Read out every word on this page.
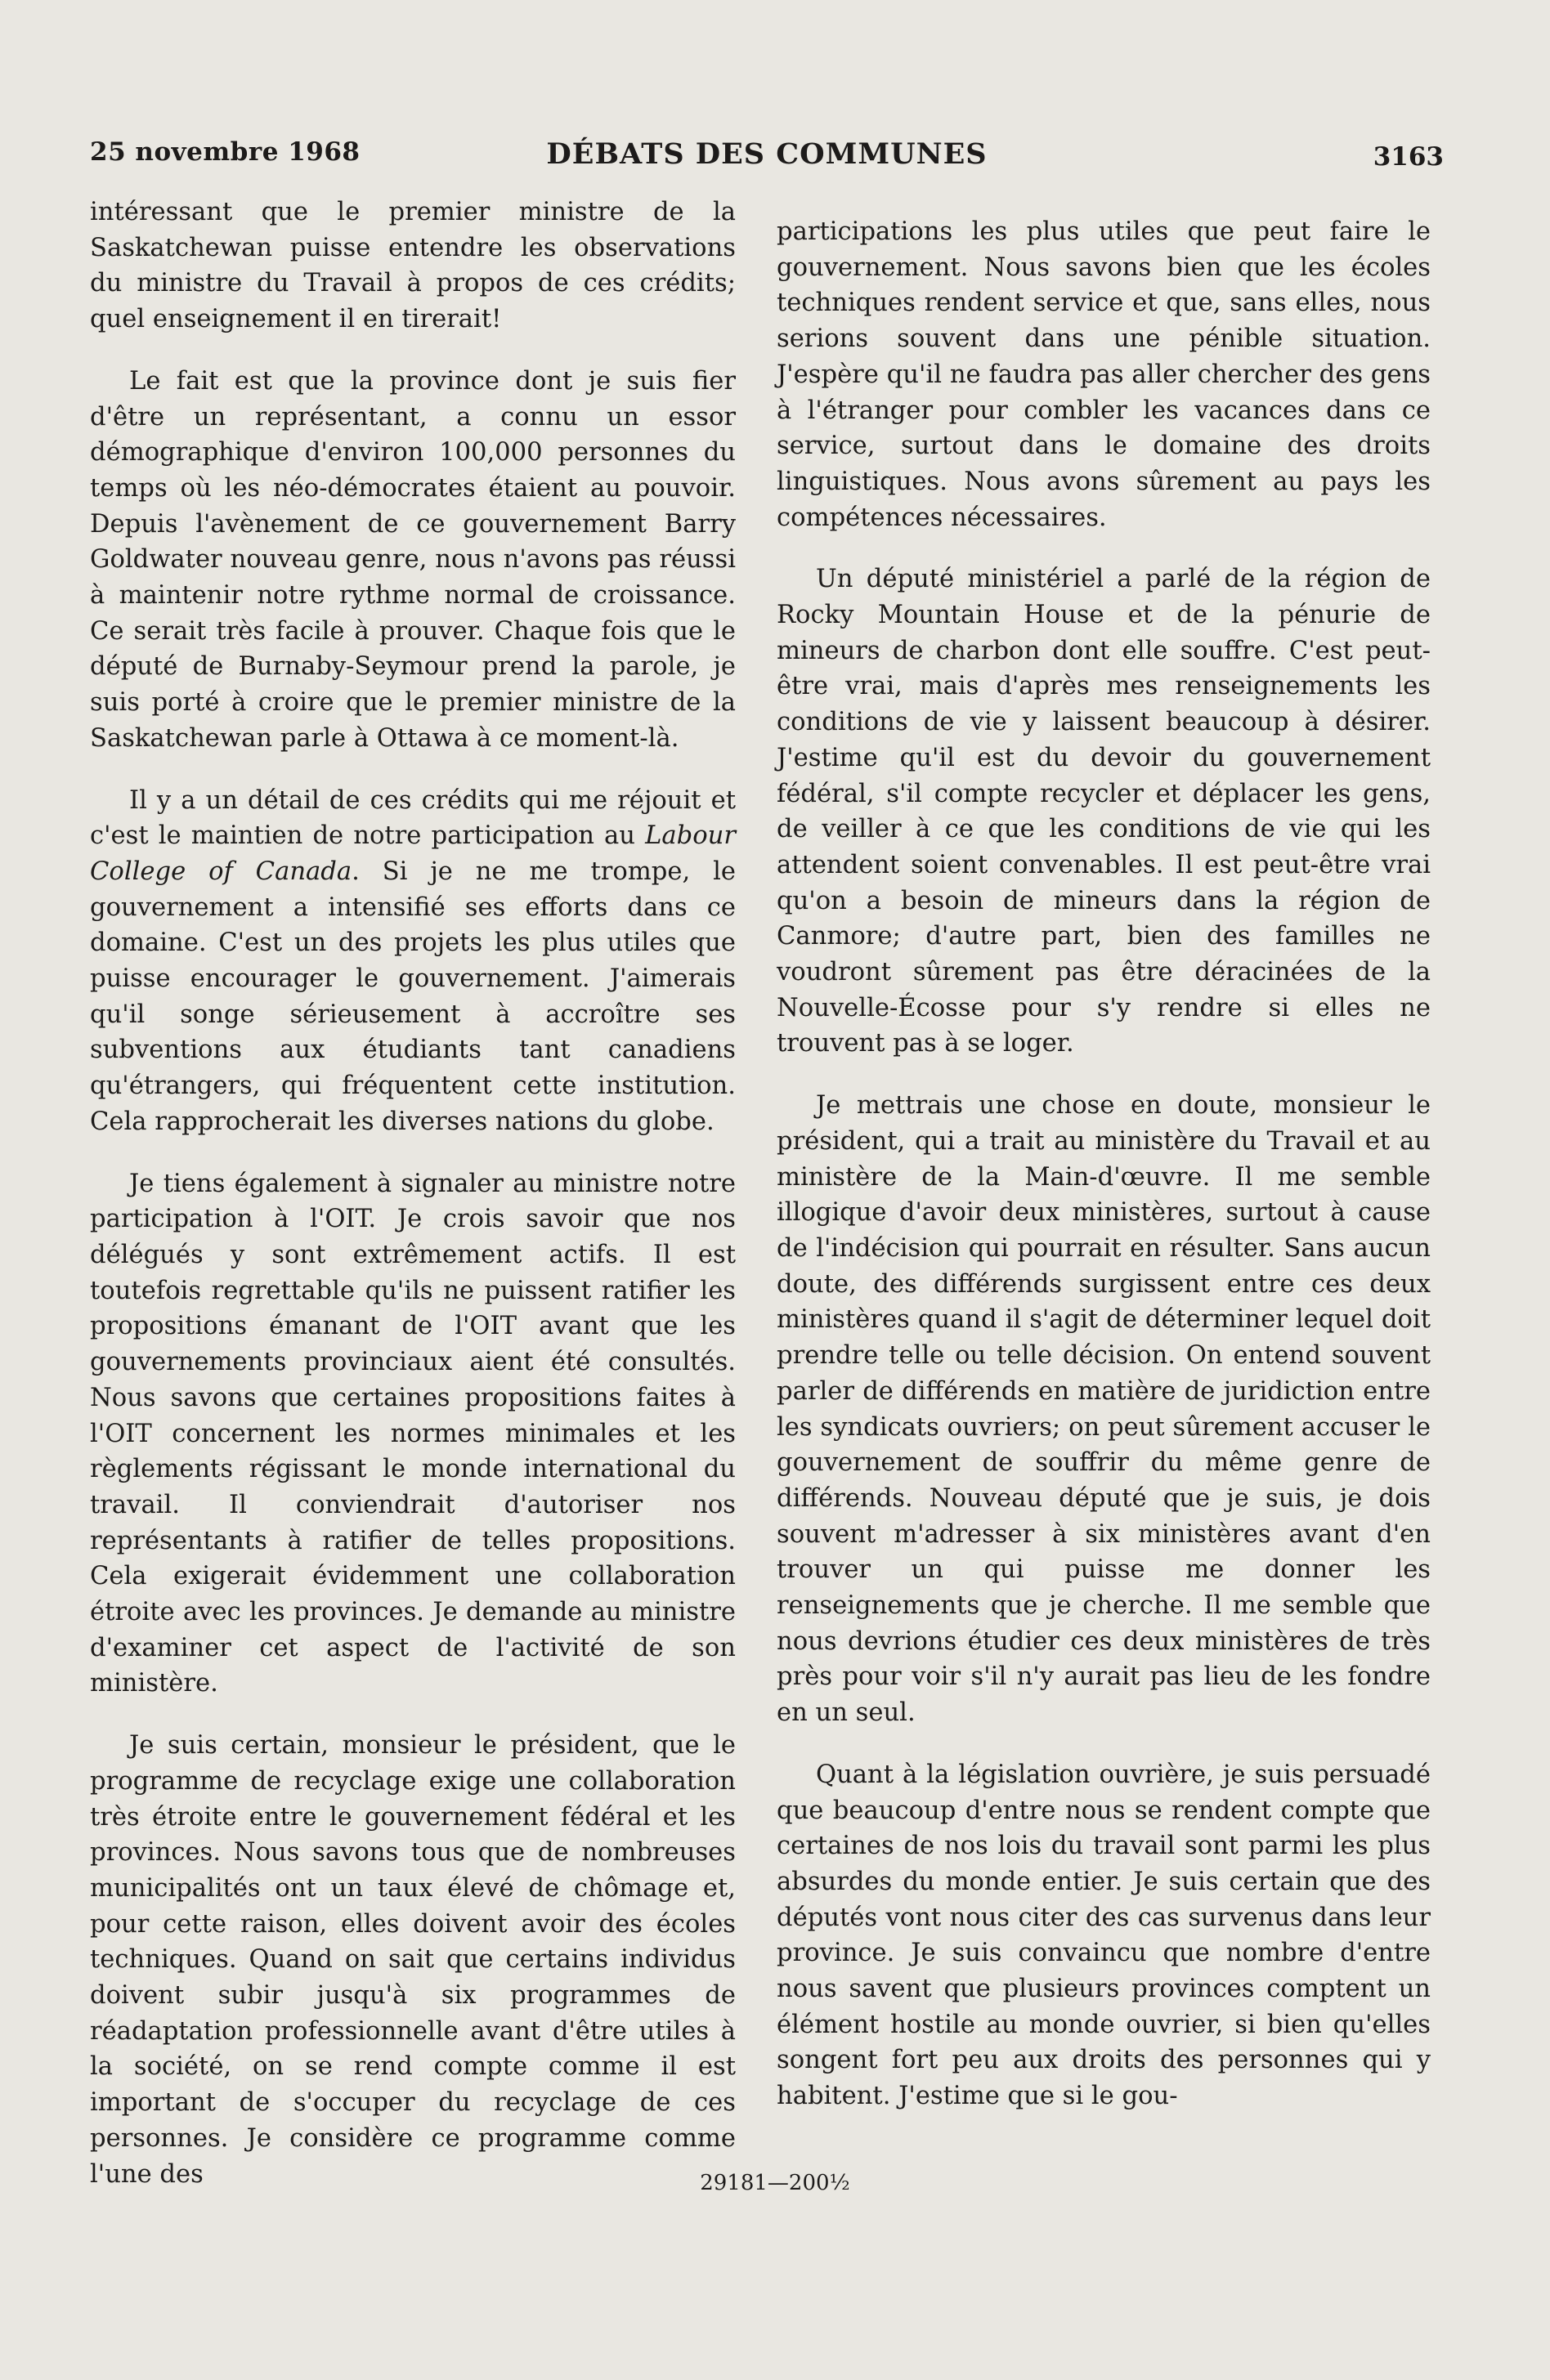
25 novembre 1968	DÉBATS DES COMMUNES	3163

intéressant que le premier ministre de la Saskatchewan puisse entendre les observations du ministre du Travail à propos de ces crédits; quel enseignement il en tirerait!

Le fait est que la province dont je suis fier d'être un représentant, a connu un essor démographique d'environ 100,000 personnes du temps où les néo-démocrates étaient au pouvoir. Depuis l'avènement de ce gouvernement Barry Goldwater nouveau genre, nous n'avons pas réussi à maintenir notre rythme normal de croissance. Ce serait très facile à prouver. Chaque fois que le député de Burnaby-Seymour prend la parole, je suis porté à croire que le premier ministre de la Saskatchewan parle à Ottawa à ce moment-là.

Il y a un détail de ces crédits qui me réjouit et c'est le maintien de notre participation au Labour College of Canada. Si je ne me trompe, le gouvernement a intensifié ses efforts dans ce domaine. C'est un des projets les plus utiles que puisse encourager le gouvernement. J'aimerais qu'il songe sérieusement à accroître ses subventions aux étudiants tant canadiens qu'étrangers, qui fréquentent cette institution. Cela rapprocherait les diverses nations du globe.

Je tiens également à signaler au ministre notre participation à l'OIT. Je crois savoir que nos délégués y sont extrêmement actifs. Il est toutefois regrettable qu'ils ne puissent ratifier les propositions émanant de l'OIT avant que les gouvernements provinciaux aient été consultés. Nous savons que certaines propositions faites à l'OIT concernent les normes minimales et les règlements régissant le monde international du travail. Il conviendrait d'autoriser nos représentants à ratifier de telles propositions. Cela exigerait évidemment une collaboration étroite avec les provinces. Je demande au ministre d'examiner cet aspect de l'activité de son ministère.

Je suis certain, monsieur le président, que le programme de recyclage exige une collaboration très étroite entre le gouvernement fédéral et les provinces. Nous savons tous que de nombreuses municipalités ont un taux élevé de chômage et, pour cette raison, elles doivent avoir des écoles techniques. Quand on sait que certains individus doivent subir jusqu'à six programmes de réadaptation professionnelle avant d'être utiles à la société, on se rend compte comme il est important de s'occuper du recyclage de ces personnes. Je considère ce programme comme l'une des

participations les plus utiles que peut faire le gouvernement. Nous savons bien que les écoles techniques rendent service et que, sans elles, nous serions souvent dans une pénible situation. J'espère qu'il ne faudra pas aller chercher des gens à l'étranger pour combler les vacances dans ce service, surtout dans le domaine des droits linguistiques. Nous avons sûrement au pays les compétences nécessaires.

Un député ministériel a parlé de la région de Rocky Mountain House et de la pénurie de mineurs de charbon dont elle souffre. C'est peut-être vrai, mais d'après mes renseignements les conditions de vie y laissent beaucoup à désirer. J'estime qu'il est du devoir du gouvernement fédéral, s'il compte recycler et déplacer les gens, de veiller à ce que les conditions de vie qui les attendent soient convenables. Il est peut-être vrai qu'on a besoin de mineurs dans la région de Canmore; d'autre part, bien des familles ne voudront sûrement pas être déracinées de la Nouvelle-Écosse pour s'y rendre si elles ne trouvent pas à se loger.

Je mettrais une chose en doute, monsieur le président, qui a trait au ministère du Travail et au ministère de la Main-d'œuvre. Il me semble illogique d'avoir deux ministères, surtout à cause de l'indécision qui pourrait en résulter. Sans aucun doute, des différends surgissent entre ces deux ministères quand il s'agit de déterminer lequel doit prendre telle ou telle décision. On entend souvent parler de différends en matière de juridiction entre les syndicats ouvriers; on peut sûrement accuser le gouvernement de souffrir du même genre de différends. Nouveau député que je suis, je dois souvent m'adresser à six ministères avant d'en trouver un qui puisse me donner les renseignements que je cherche. Il me semble que nous devrions étudier ces deux ministères de très près pour voir s'il n'y aurait pas lieu de les fondre en un seul.

Quant à la législation ouvrière, je suis persuadé que beaucoup d'entre nous se rendent compte que certaines de nos lois du travail sont parmi les plus absurdes du monde entier. Je suis certain que des députés vont nous citer des cas survenus dans leur province. Je suis convaincu que nombre d'entre nous savent que plusieurs provinces comptent un élément hostile au monde ouvrier, si bien qu'elles songent fort peu aux droits des personnes qui y habitent. J'estime que si le gou-

29181—200½
